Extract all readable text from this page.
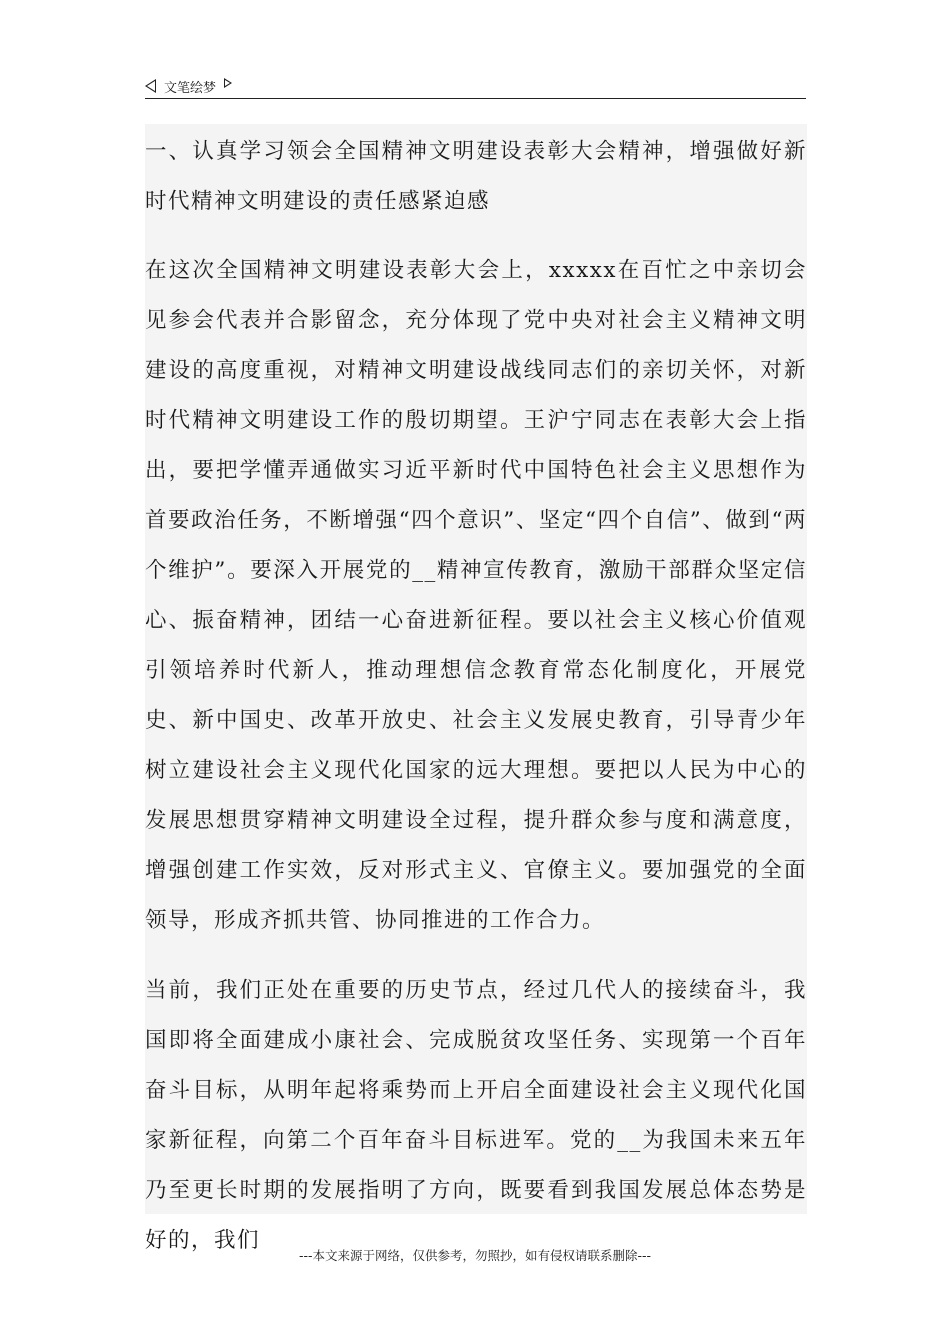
文笔绘梦

一、认真学习领会全国精神文明建设表彰大会精神，增强做好新时代精神文明建设的责任感紧迫感

在这次全国精神文明建设表彰大会上，xxxxx在百忙之中亲切会见参会代表并合影留念，充分体现了党中央对社会主义精神文明建设的高度重视，对精神文明建设战线同志们的亲切关怀，对新时代精神文明建设工作的殷切期望。王沪宁同志在表彰大会上指出，要把学懂弄通做实习近平新时代中国特色社会主义思想作为首要政治任务，不断增强“四个意识”、坚定“四个自信”、做到“两个维护”。要深入开展党的__精神宣传教育，激励干部群众坚定信心、振奋精神，团结一心奋进新征程。要以社会主义核心价值观引领培养时代新人，推动理想信念教育常态化制度化，开展党史、新中国史、改革开放史、社会主义发展史教育，引导青少年树立建设社会主义现代化国家的远大理想。要把以人民为中心的发展思想贯穿精神文明建设全过程，提升群众参与度和满意度，增强创建工作实效，反对形式主义、官僚主义。要加强党的全面领导，形成齐抓共管、协同推进的工作合力。

当前，我们正处在重要的历史节点，经过几代人的接续奋斗，我国即将全面建成小康社会、完成脱贫攻坚任务、实现第一个百年奋斗目标，从明年起将乘势而上开启全面建设社会主义现代化国家新征程，向第二个百年奋斗目标进军。党的__为我国未来五年乃至更长时期的发展指明了方向，既要看到我国发展总体态势是好的，我们

---本文来源于网络，仅供参考，勿照抄，如有侵权请联系删除---
